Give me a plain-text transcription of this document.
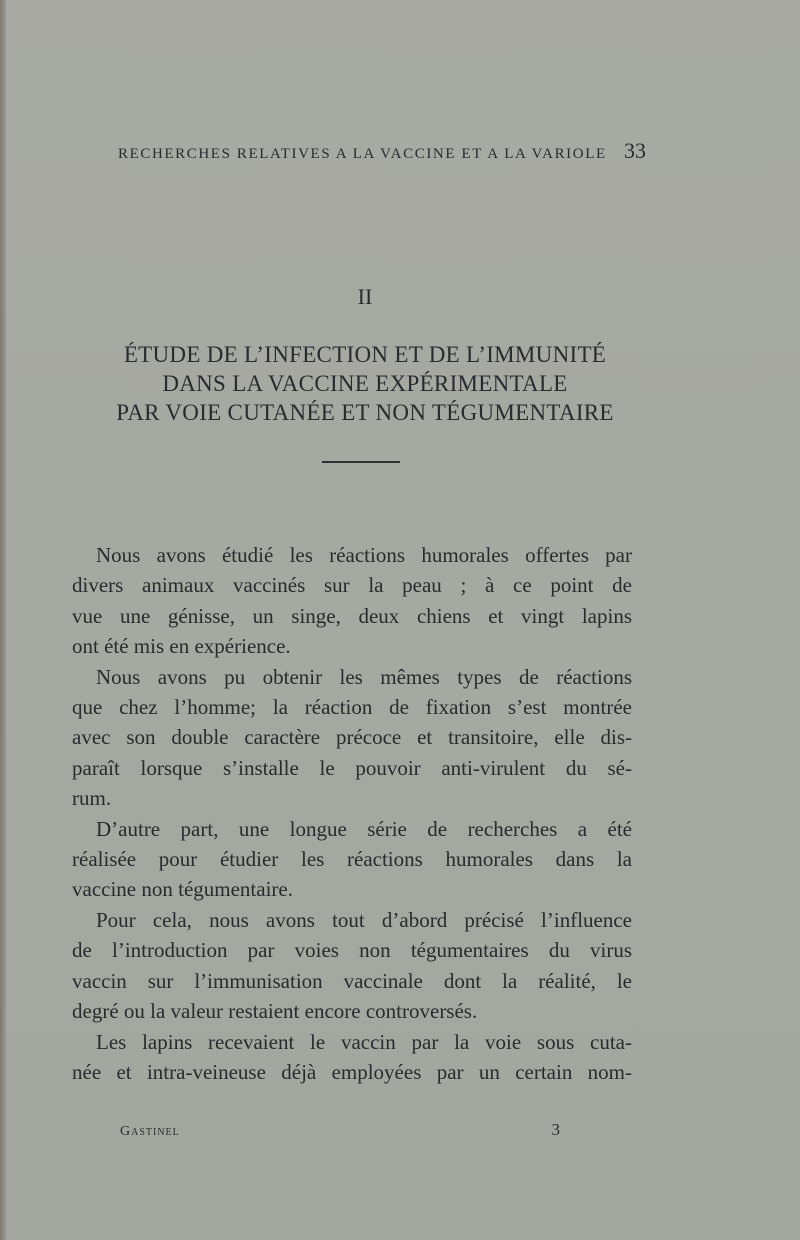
RECHERCHES RELATIVES A LA VACCINE ET A LA VARIOLE 33
II
ÉTUDE DE L’INFECTION ET DE L’IMMUNITÉ
DANS LA VACCINE EXPÉRIMENTALE
PAR VOIE CUTANÉE ET NON TÉGUMENTAIRE
Nous avons étudié les réactions humorales offertes par
divers animaux vaccinés sur la peau ; à ce point de
vue une génisse, un singe, deux chiens et vingt lapins
ont été mis en expérience.
Nous avons pu obtenir les mêmes types de réactions
que chez l’homme; la réaction de fixation s’est montrée
avec son double caractère précoce et transitoire, elle dis-
paraît lorsque s’installe le pouvoir anti-virulent du sé-
rum.
D’autre part, une longue série de recherches a été
réalisée pour étudier les réactions humorales dans la
vaccine non tégumentaire.
Pour cela, nous avons tout d’abord précisé l’influence
de l’introduction par voies non tégumentaires du virus
vaccin sur l’immunisation vaccinale dont la réalité, le
degré ou la valeur restaient encore controversés.
Les lapins recevaient le vaccin par la voie sous cuta-
née et intra-veineuse déjà employées par un certain nom-
Gastinel	3
